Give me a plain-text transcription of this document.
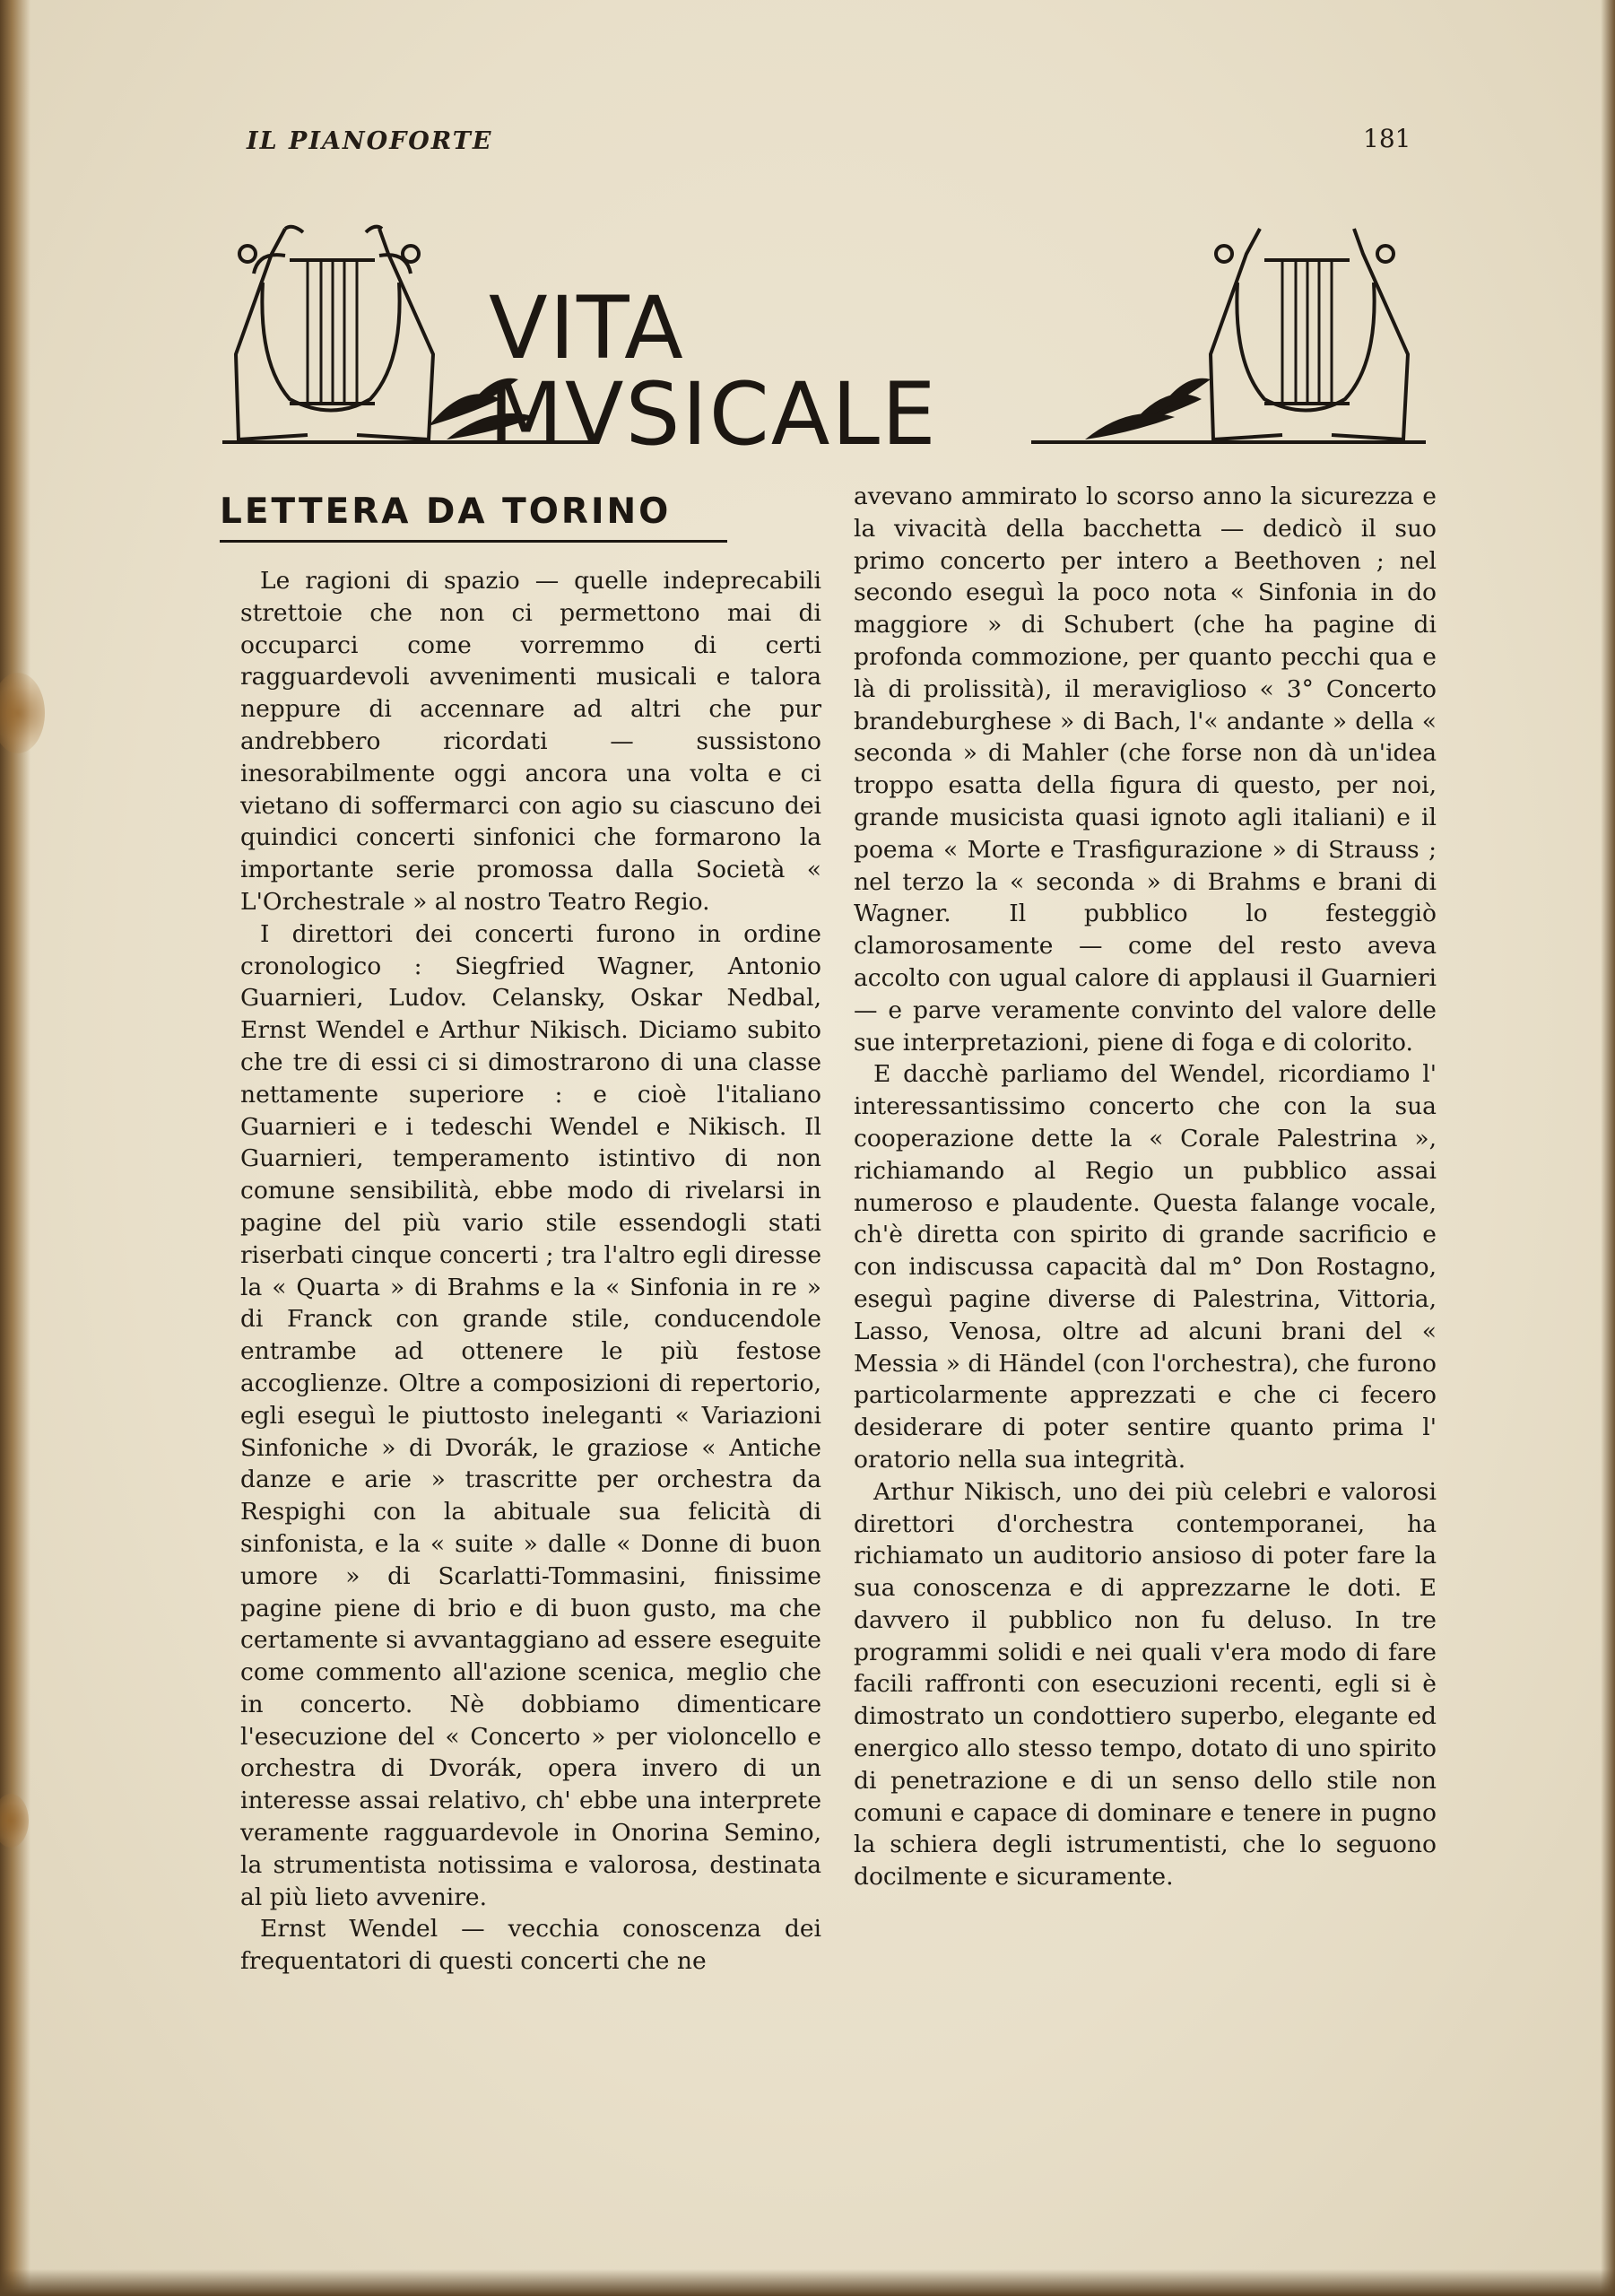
IL PIANOFORTE	181
VITA MVSICALE
LETTERA DA TORINO

Le ragioni di spazio — quelle indeprecabili strettoie che non ci permettono mai di occuparci come vorremmo di certi ragguardevoli avvenimenti musicali e talora neppure di accennare ad altri che pur andrebbero ricordati — sussistono inesorabilmente oggi ancora una volta e ci vietano di soffermarci con agio su ciascuno dei quindici concerti sinfonici che formarono la importante serie promossa dalla Società « L'Orchestrale » al nostro Teatro Regio.

I direttori dei concerti furono in ordine cronologico : Siegfried Wagner, Antonio Guarnieri, Ludov. Celansky, Oskar Nedbal, Ernst Wendel e Arthur Nikisch. Diciamo subito che tre di essi ci si dimostrarono di una classe nettamente superiore : e cioè l'italiano Guarnieri e i tedeschi Wendel e Nikisch. Il Guarnieri, temperamento istintivo di non comune sensibilità, ebbe modo di rivelarsi in pagine del più vario stile essendogli stati riserbati cinque concerti ; tra l'altro egli diresse la « Quarta » di Brahms e la « Sinfonia in re » di Franck con grande stile, conducendole entrambe ad ottenere le più festose accoglienze. Oltre a composizioni di repertorio, egli eseguì le piuttosto ineleganti « Variazioni Sinfoniche » di Dvorák, le graziose « Antiche danze e arie » trascritte per orchestra da Respighi con la abituale sua felicità di sinfonista, e la « suite » dalle « Donne di buon umore » di Scarlatti-Tommasini, finissime pagine piene di brio e di buon gusto, ma che certamente si avvantaggiano ad essere eseguite come commento all'azione scenica, meglio che in concerto. Nè dobbiamo dimenticare l'esecuzione del « Concerto » per violoncello e orchestra di Dvorák, opera invero di un interesse assai relativo, ch' ebbe una interprete veramente ragguardevole in Onorina Semino, la strumentista notissima e valorosa, destinata al più lieto avvenire.

Ernst Wendel — vecchia conoscenza dei frequentatori di questi concerti che ne

avevano ammirato lo scorso anno la sicurezza e la vivacità della bacchetta — dedicò il suo primo concerto per intero a Beethoven ; nel secondo eseguì la poco nota « Sinfonia in do maggiore » di Schubert (che ha pagine di profonda commozione, per quanto pecchi qua e là di prolissità), il meraviglioso « 3° Concerto brandeburghese » di Bach, l'« andante » della « seconda » di Mahler (che forse non dà un'idea troppo esatta della figura di questo, per noi, grande musicista quasi ignoto agli italiani) e il poema « Morte e Trasfigurazione » di Strauss ; nel terzo la « seconda » di Brahms e brani di Wagner. Il pubblico lo festeggiò clamorosamente — come del resto aveva accolto con ugual calore di applausi il Guarnieri — e parve veramente convinto del valore delle sue interpretazioni, piene di foga e di colorito.

E dacchè parliamo del Wendel, ricordiamo l' interessantissimo concerto che con la sua cooperazione dette la « Corale Palestrina », richiamando al Regio un pubblico assai numeroso e plaudente. Questa falange vocale, ch'è diretta con spirito di grande sacrificio e con indiscussa capacità dal m° Don Rostagno, eseguì pagine diverse di Palestrina, Vittoria, Lasso, Venosa, oltre ad alcuni brani del « Messia » di Händel (con l'orchestra), che furono particolarmente apprezzati e che ci fecero desiderare di poter sentire quanto prima l' oratorio nella sua integrità.

Arthur Nikisch, uno dei più celebri e valorosi direttori d'orchestra contemporanei, ha richiamato un auditorio ansioso di poter fare la sua conoscenza e di apprezzarne le doti. E davvero il pubblico non fu deluso. In tre programmi solidi e nei quali v'era modo di fare facili raffronti con esecuzioni recenti, egli si è dimostrato un condottiero superbo, elegante ed energico allo stesso tempo, dotato di uno spirito di penetrazione e di un senso dello stile non comuni e capace di dominare e tenere in pugno la schiera degli istrumentisti, che lo seguono docilmente e sicuramente.
